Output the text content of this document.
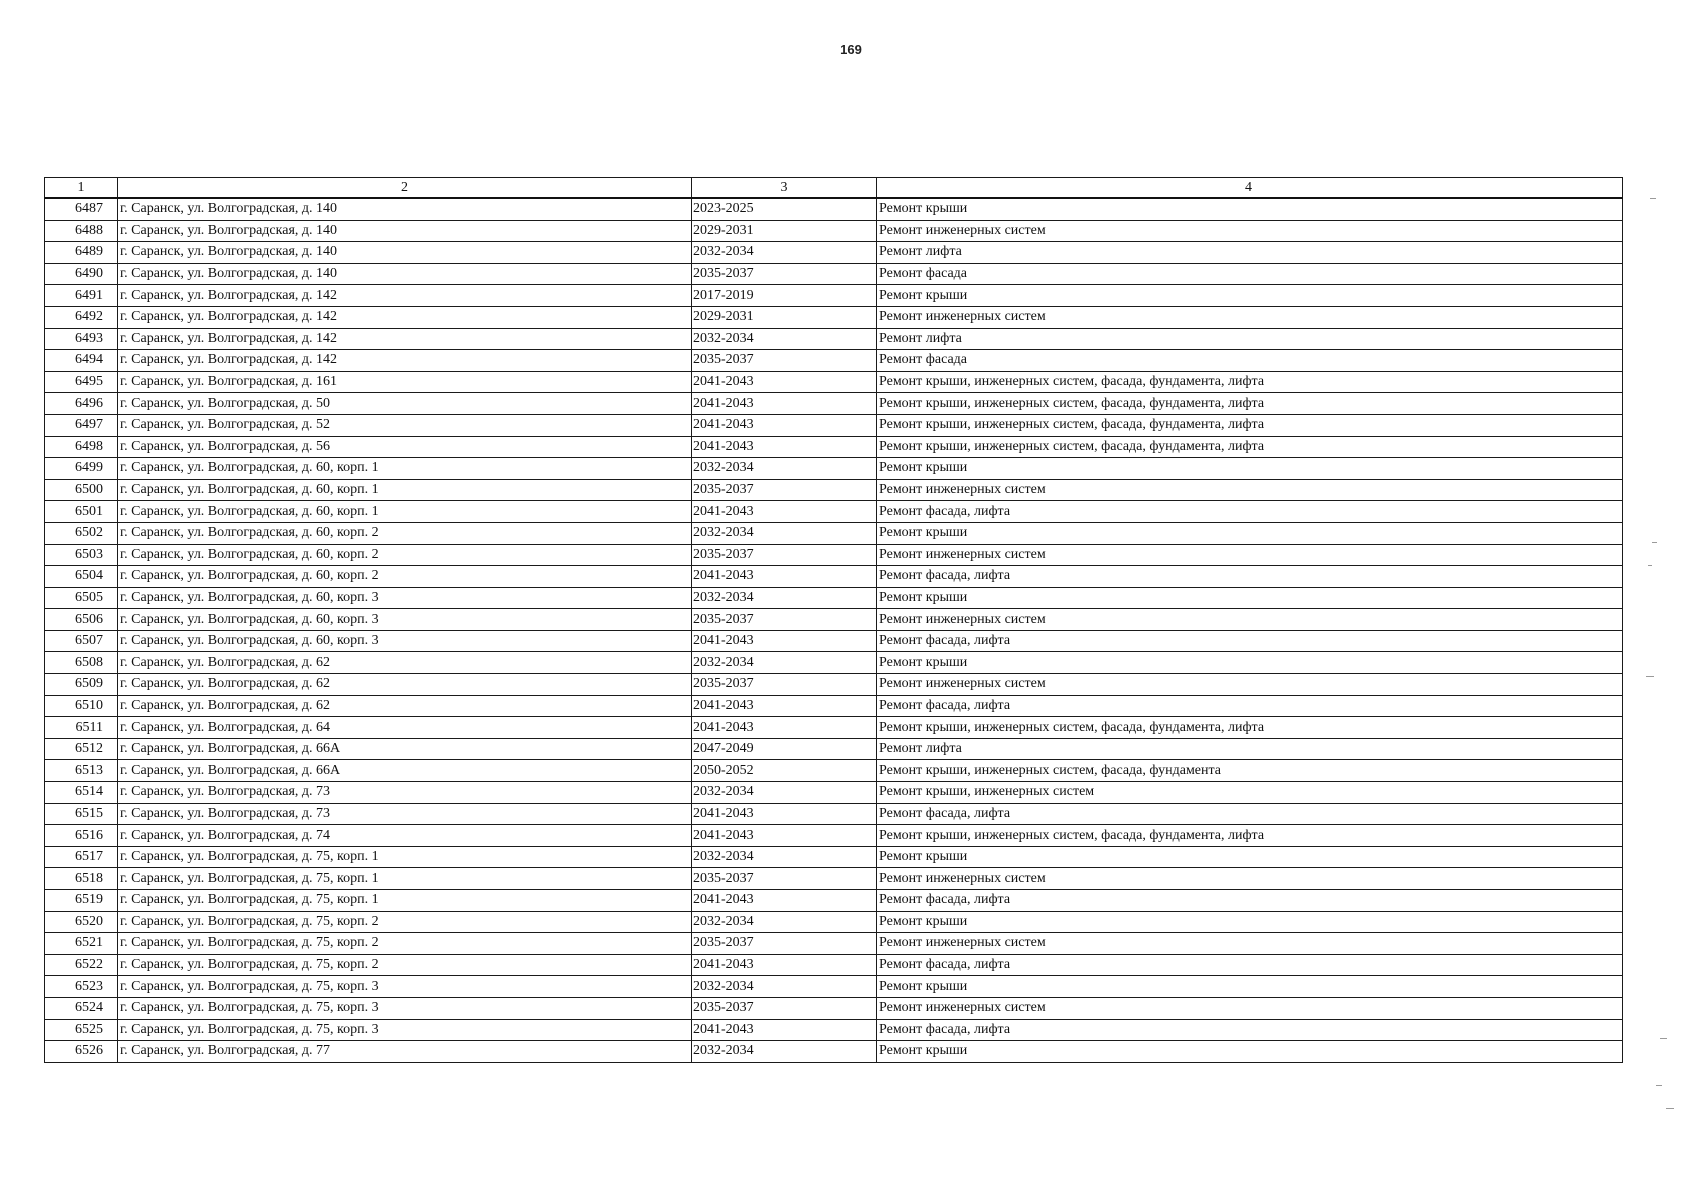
169
1	2	3	4
6487	г. Саранск, ул. Волгоградская, д. 140	2023-2025	Ремонт крыши
6488	г. Саранск, ул. Волгоградская, д. 140	2029-2031	Ремонт инженерных систем
6489	г. Саранск, ул. Волгоградская, д. 140	2032-2034	Ремонт лифта
6490	г. Саранск, ул. Волгоградская, д. 140	2035-2037	Ремонт фасада
6491	г. Саранск, ул. Волгоградская, д. 142	2017-2019	Ремонт крыши
6492	г. Саранск, ул. Волгоградская, д. 142	2029-2031	Ремонт инженерных систем
6493	г. Саранск, ул. Волгоградская, д. 142	2032-2034	Ремонт лифта
6494	г. Саранск, ул. Волгоградская, д. 142	2035-2037	Ремонт фасада
6495	г. Саранск, ул. Волгоградская, д. 161	2041-2043	Ремонт крыши, инженерных систем, фасада, фундамента, лифта
6496	г. Саранск, ул. Волгоградская, д. 50	2041-2043	Ремонт крыши, инженерных систем, фасада, фундамента, лифта
6497	г. Саранск, ул. Волгоградская, д. 52	2041-2043	Ремонт крыши, инженерных систем, фасада, фундамента, лифта
6498	г. Саранск, ул. Волгоградская, д. 56	2041-2043	Ремонт крыши, инженерных систем, фасада, фундамента, лифта
6499	г. Саранск, ул. Волгоградская, д. 60, корп. 1	2032-2034	Ремонт крыши
6500	г. Саранск, ул. Волгоградская, д. 60, корп. 1	2035-2037	Ремонт инженерных систем
6501	г. Саранск, ул. Волгоградская, д. 60, корп. 1	2041-2043	Ремонт фасада, лифта
6502	г. Саранск, ул. Волгоградская, д. 60, корп. 2	2032-2034	Ремонт крыши
6503	г. Саранск, ул. Волгоградская, д. 60, корп. 2	2035-2037	Ремонт инженерных систем
6504	г. Саранск, ул. Волгоградская, д. 60, корп. 2	2041-2043	Ремонт фасада, лифта
6505	г. Саранск, ул. Волгоградская, д. 60, корп. 3	2032-2034	Ремонт крыши
6506	г. Саранск, ул. Волгоградская, д. 60, корп. 3	2035-2037	Ремонт инженерных систем
6507	г. Саранск, ул. Волгоградская, д. 60, корп. 3	2041-2043	Ремонт фасада, лифта
6508	г. Саранск, ул. Волгоградская, д. 62	2032-2034	Ремонт крыши
6509	г. Саранск, ул. Волгоградская, д. 62	2035-2037	Ремонт инженерных систем
6510	г. Саранск, ул. Волгоградская, д. 62	2041-2043	Ремонт фасада, лифта
6511	г. Саранск, ул. Волгоградская, д. 64	2041-2043	Ремонт крыши, инженерных систем, фасада, фундамента, лифта
6512	г. Саранск, ул. Волгоградская, д. 66А	2047-2049	Ремонт лифта
6513	г. Саранск, ул. Волгоградская, д. 66А	2050-2052	Ремонт крыши, инженерных систем, фасада, фундамента
6514	г. Саранск, ул. Волгоградская, д. 73	2032-2034	Ремонт крыши, инженерных систем
6515	г. Саранск, ул. Волгоградская, д. 73	2041-2043	Ремонт фасада, лифта
6516	г. Саранск, ул. Волгоградская, д. 74	2041-2043	Ремонт крыши, инженерных систем, фасада, фундамента, лифта
6517	г. Саранск, ул. Волгоградская, д. 75, корп. 1	2032-2034	Ремонт крыши
6518	г. Саранск, ул. Волгоградская, д. 75, корп. 1	2035-2037	Ремонт инженерных систем
6519	г. Саранск, ул. Волгоградская, д. 75, корп. 1	2041-2043	Ремонт фасада, лифта
6520	г. Саранск, ул. Волгоградская, д. 75, корп. 2	2032-2034	Ремонт крыши
6521	г. Саранск, ул. Волгоградская, д. 75, корп. 2	2035-2037	Ремонт инженерных систем
6522	г. Саранск, ул. Волгоградская, д. 75, корп. 2	2041-2043	Ремонт фасада, лифта
6523	г. Саранск, ул. Волгоградская, д. 75, корп. 3	2032-2034	Ремонт крыши
6524	г. Саранск, ул. Волгоградская, д. 75, корп. 3	2035-2037	Ремонт инженерных систем
6525	г. Саранск, ул. Волгоградская, д. 75, корп. 3	2041-2043	Ремонт фасада, лифта
6526	г. Саранск, ул. Волгоградская, д. 77	2032-2034	Ремонт крыши
